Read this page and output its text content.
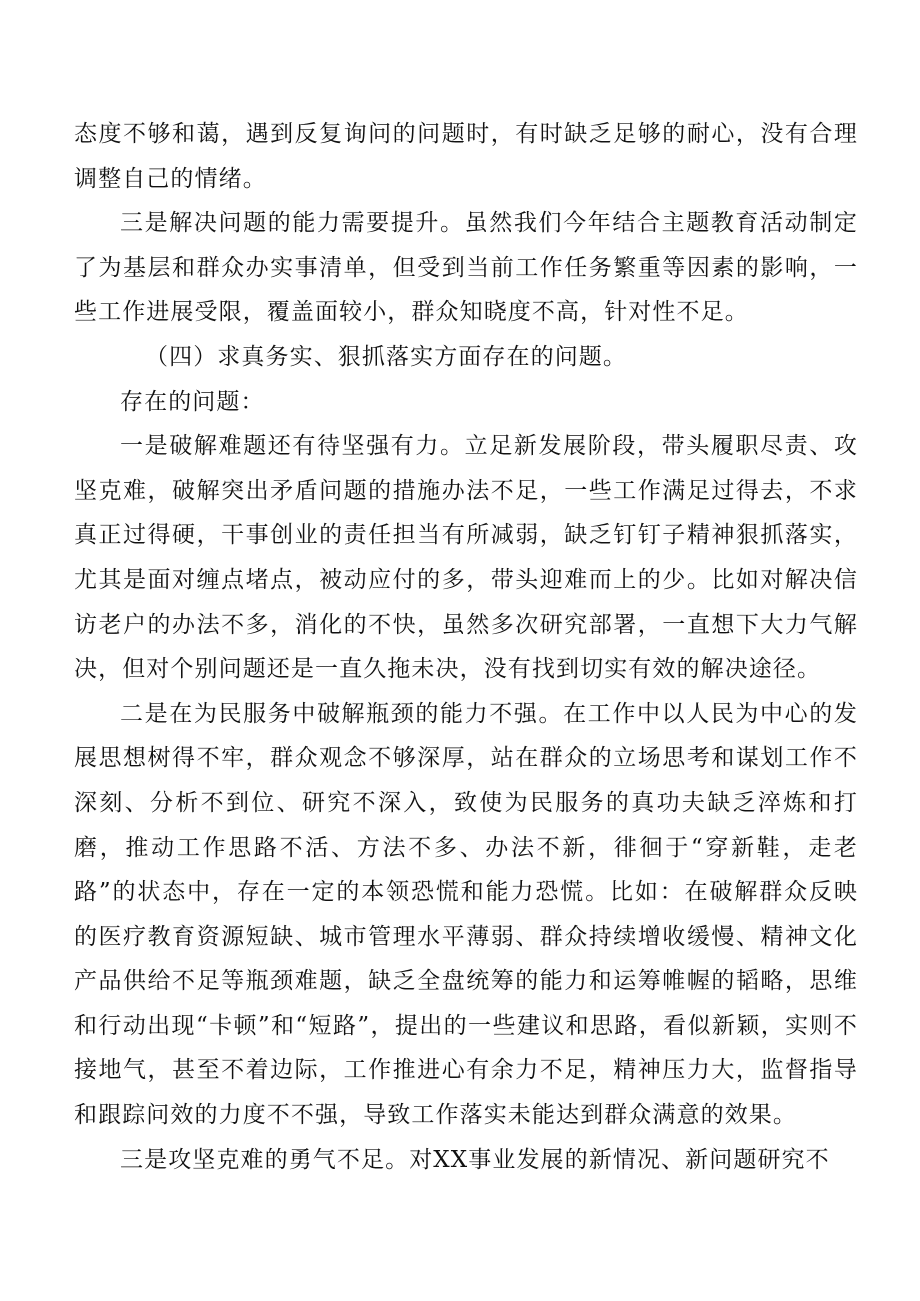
态度不够和蔼，遇到反复询问的问题时，有时缺乏足够的耐心，没有合理调整自己的情绪。

三是解决问题的能力需要提升。虽然我们今年结合主题教育活动制定了为基层和群众办实事清单，但受到当前工作任务繁重等因素的影响，一些工作进展受限，覆盖面较小，群众知晓度不高，针对性不足。

（四）求真务实、狠抓落实方面存在的问题。

存在的问题：

一是破解难题还有待坚强有力。立足新发展阶段，带头履职尽责、攻坚克难，破解突出矛盾问题的措施办法不足，一些工作满足过得去，不求真正过得硬，干事创业的责任担当有所减弱，缺乏钉钉子精神狠抓落实，尤其是面对缠点堵点，被动应付的多，带头迎难而上的少。比如对解决信访老户的办法不多，消化的不快，虽然多次研究部署，一直想下大力气解决，但对个别问题还是一直久拖未决，没有找到切实有效的解决途径。

二是在为民服务中破解瓶颈的能力不强。在工作中以人民为中心的发展思想树得不牢，群众观念不够深厚，站在群众的立场思考和谋划工作不深刻、分析不到位、研究不深入，致使为民服务的真功夫缺乏淬炼和打磨，推动工作思路不活、方法不多、办法不新，徘徊于“穿新鞋，走老路”的状态中，存在一定的本领恐慌和能力恐慌。比如：在破解群众反映的医疗教育资源短缺、城市管理水平薄弱、群众持续增收缓慢、精神文化产品供给不足等瓶颈难题，缺乏全盘统筹的能力和运筹帷幄的韬略，思维和行动出现“卡顿”和“短路”，提出的一些建议和思路，看似新颖，实则不接地气，甚至不着边际，工作推进心有余力不足，精神压力大，监督指导和跟踪问效的力度不不强，导致工作落实未能达到群众满意的效果。

三是攻坚克难的勇气不足。对XX事业发展的新情况、新问题研究不
